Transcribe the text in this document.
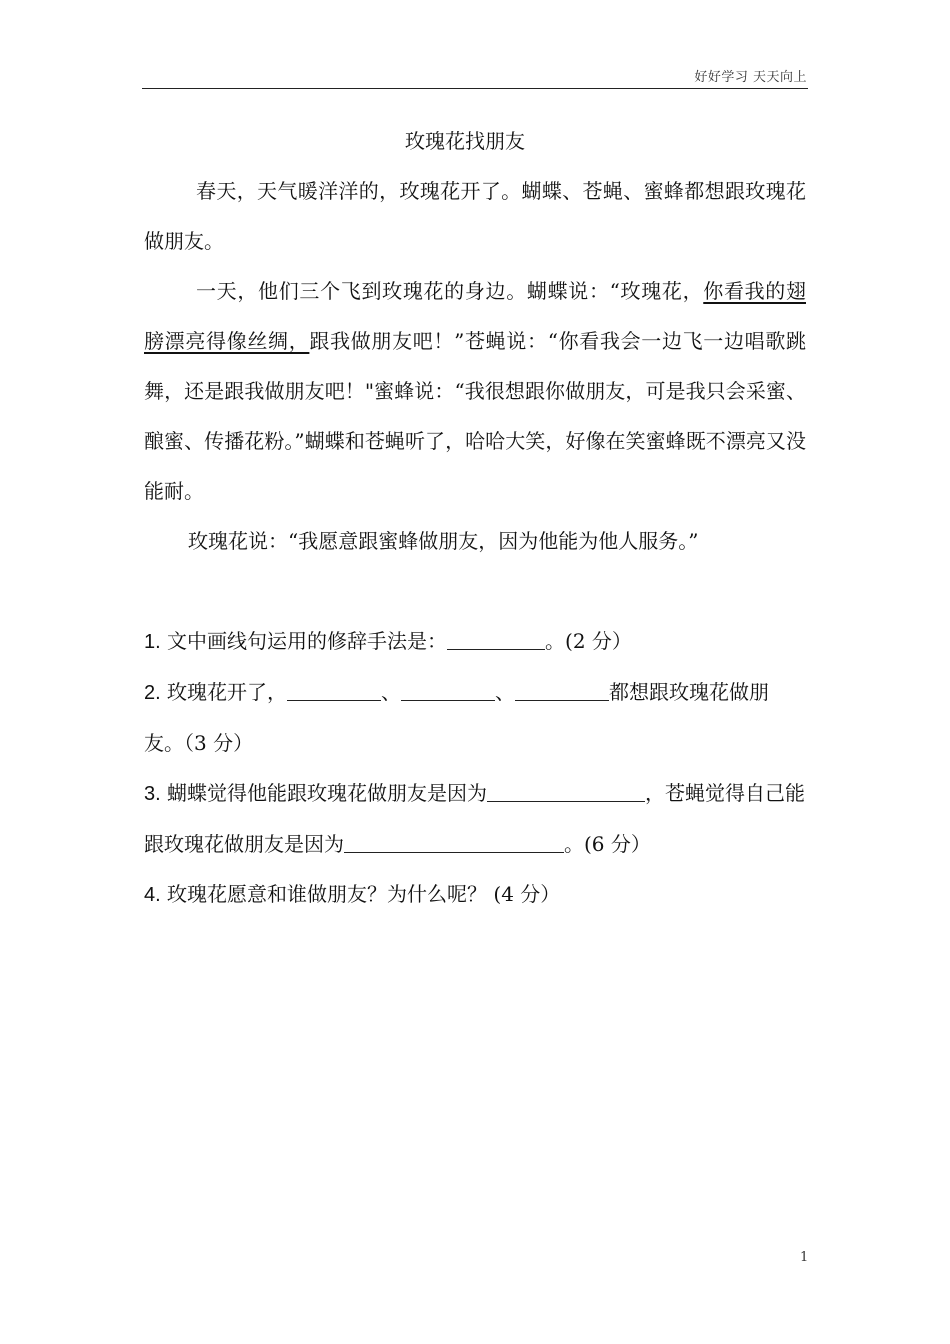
好好学习 天天向上
玫瑰花找朋友

春天，天气暖洋洋的，玫瑰花开了。蝴蝶、苍蝇、蜜蜂都想跟玫瑰花做朋友。

一天，他们三个飞到玫瑰花的身边。蝴蝶说：“玫瑰花，你看我的翅膀漂亮得像丝绸，跟我做朋友吧！”苍蝇说：“你看我会一边飞一边唱歌跳舞，还是跟我做朋友吧！"蜜蜂说：“我很想跟你做朋友，可是我只会采蜜、酿蜜、传播花粉。”蝴蝶和苍蝇听了，哈哈大笑，好像在笑蜜蜂既不漂亮又没能耐。

玫瑰花说：“我愿意跟蜜蜂做朋友，因为他能为他人服务。”

1. 文中画线句运用的修辞手法是：	。(2 分）

2. 玫瑰花开了，	、	、	都想跟玫瑰花做朋友。（3 分）

3. 蝴蝶觉得他能跟玫瑰花做朋友是因为	，苍蝇觉得自己能跟玫瑰花做朋友是因为	。(6 分）

4. 玫瑰花愿意和谁做朋友？为什么呢？ (4 分）

1
